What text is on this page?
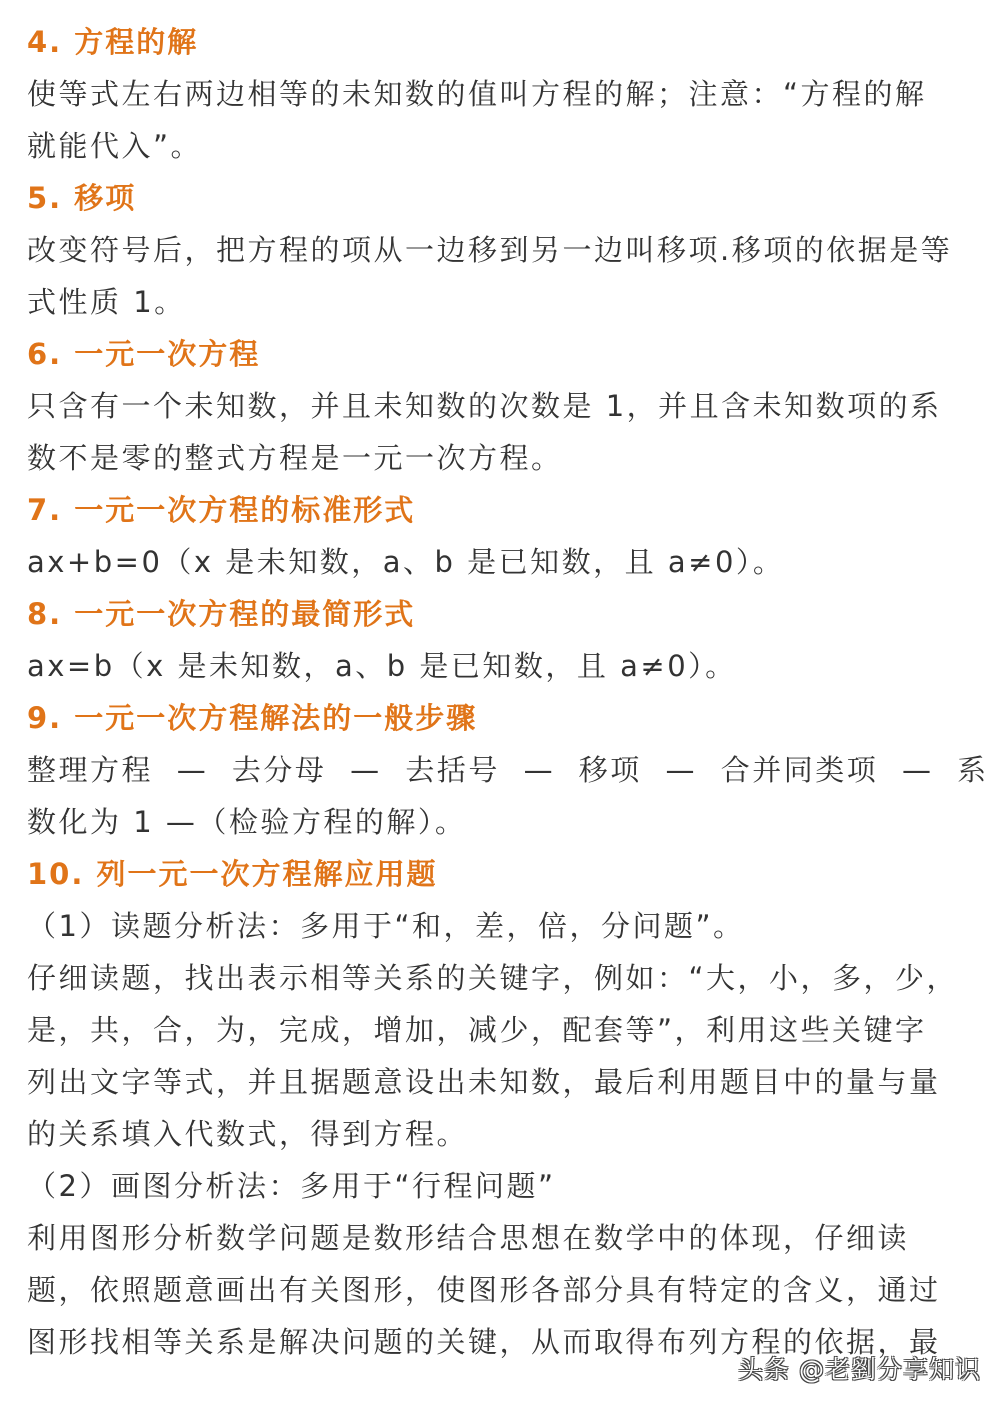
4. 方程的解
使等式左右两边相等的未知数的值叫方程的解；注意：“方程的解
就能代入”。
5. 移项
改变符号后，把方程的项从一边移到另一边叫移项.移项的依据是等
式性质 1。
6. 一元一次方程
只含有一个未知数，并且未知数的次数是 1，并且含未知数项的系
数不是零的整式方程是一元一次方程。
7. 一元一次方程的标准形式
ax+b=0（x 是未知数，a、b 是已知数，且 a≠0）。
8. 一元一次方程的最简形式
ax=b（x 是未知数，a、b 是已知数，且 a≠0）。
9. 一元一次方程解法的一般步骤
整理方程 — 去分母 — 去括号 — 移项 — 合并同类项 — 系
数化为 1 —（检验方程的解）。
10. 列一元一次方程解应用题
（1）读题分析法：多用于“和，差，倍，分问题”。
仔细读题，找出表示相等关系的关键字，例如：“大，小，多，少，
是，共，合，为，完成，增加，减少，配套等”，利用这些关键字
列出文字等式，并且据题意设出未知数，最后利用题目中的量与量
的关系填入代数式，得到方程。
（2）画图分析法：多用于“行程问题”
利用图形分析数学问题是数形结合思想在数学中的体现，仔细读
题，依照题意画出有关图形，使图形各部分具有特定的含义，通过
图形找相等关系是解决问题的关键，从而取得布列方程的依据，最
头条 @老劉分享知识
